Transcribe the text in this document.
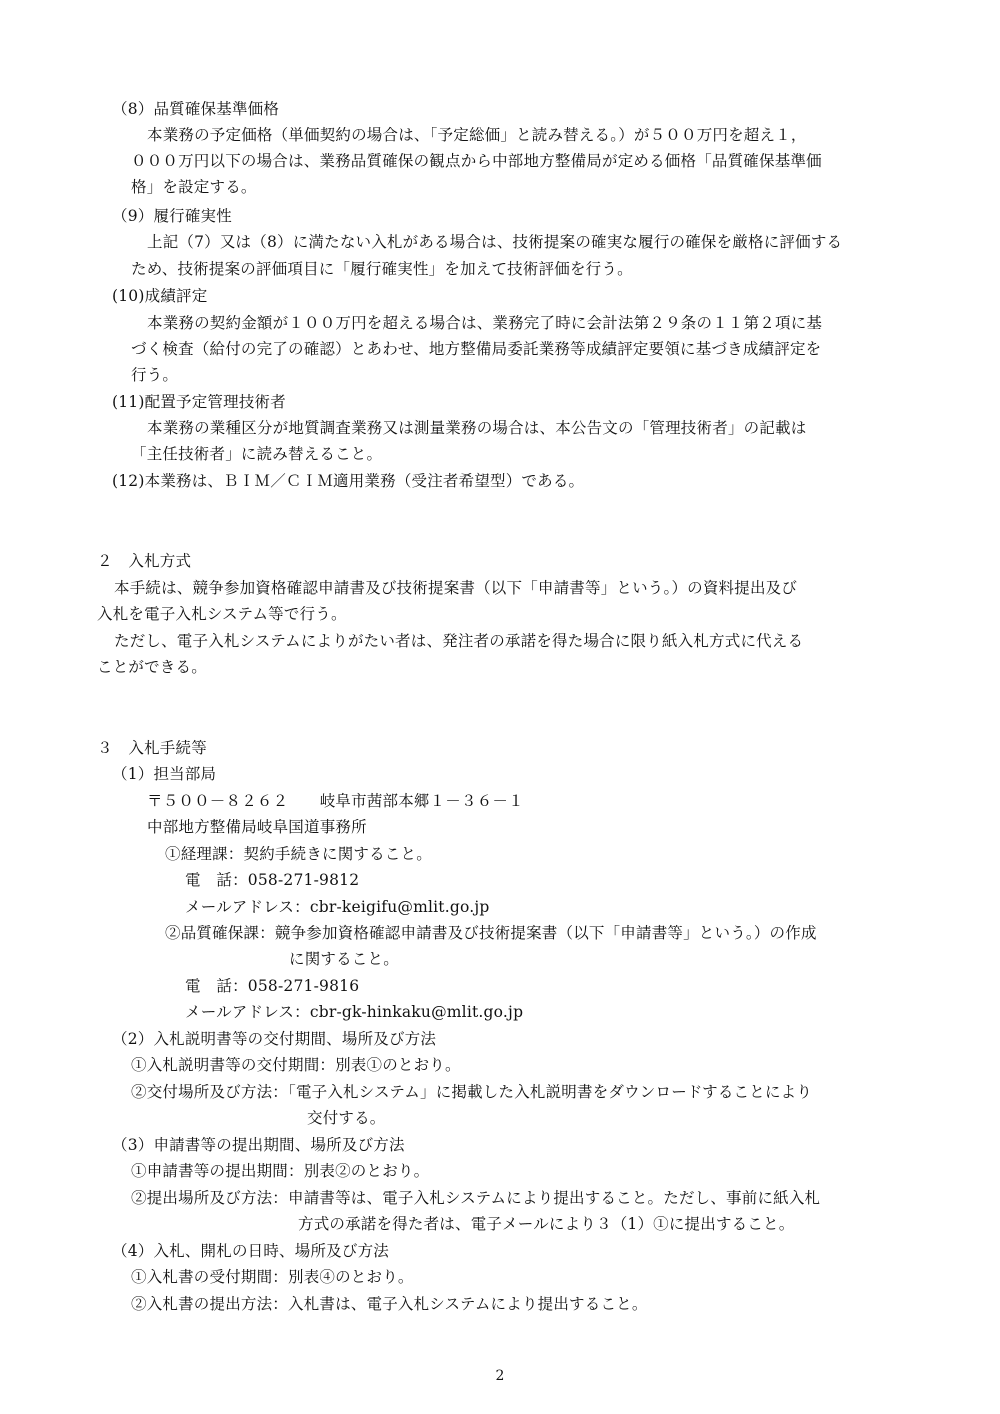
（8）品質確保基準価格
本業務の予定価格（単価契約の場合は、「予定総価」と読み替える。）が５００万円を超え１，
０００万円以下の場合は、業務品質確保の観点から中部地方整備局が定める価格「品質確保基準価
格」を設定する。
（9）履行確実性
上記（7）又は（8）に満たない入札がある場合は、技術提案の確実な履行の確保を厳格に評価する
ため、技術提案の評価項目に「履行確実性」を加えて技術評価を行う。
(10)成績評定
本業務の契約金額が１００万円を超える場合は、業務完了時に会計法第２９条の１１第２項に基
づく検査（給付の完了の確認）とあわせ、地方整備局委託業務等成績評定要領に基づき成績評定を
行う。
(11)配置予定管理技術者
本業務の業種区分が地質調査業務又は測量業務の場合は、本公告文の「管理技術者」の記載は
「主任技術者」に読み替えること。
(12)本業務は、ＢＩＭ／ＣＩＭ適用業務（受注者希望型）である。
２　入札方式
本手続は、競争参加資格確認申請書及び技術提案書（以下「申請書等」という。）の資料提出及び
入札を電子入札システム等で行う。
ただし、電子入札システムによりがたい者は、発注者の承諾を得た場合に限り紙入札方式に代える
ことができる。
３　入札手続等
（1）担当部局
〒５００－８２６２　　岐阜市茜部本郷１－３６－１
中部地方整備局岐阜国道事務所
①経理課：契約手続きに関すること。
電　話：058-271-9812
メールアドレス：cbr-keigifu@mlit.go.jp
②品質確保課：競争参加資格確認申請書及び技術提案書（以下「申請書等」という。）の作成
に関すること。
電　話：058-271-9816
メールアドレス：cbr-gk-hinkaku@mlit.go.jp
（2）入札説明書等の交付期間、場所及び方法
①入札説明書等の交付期間：別表①のとおり。
②交付場所及び方法：「電子入札システム」に掲載した入札説明書をダウンロードすることにより
交付する。
（3）申請書等の提出期間、場所及び方法
①申請書等の提出期間：別表②のとおり。
②提出場所及び方法：申請書等は、電子入札システムにより提出すること。ただし、事前に紙入札
方式の承諾を得た者は、電子メールにより３（1）①に提出すること。
（4）入札、開札の日時、場所及び方法
①入札書の受付期間：別表④のとおり。
②入札書の提出方法：入札書は、電子入札システムにより提出すること。
2
